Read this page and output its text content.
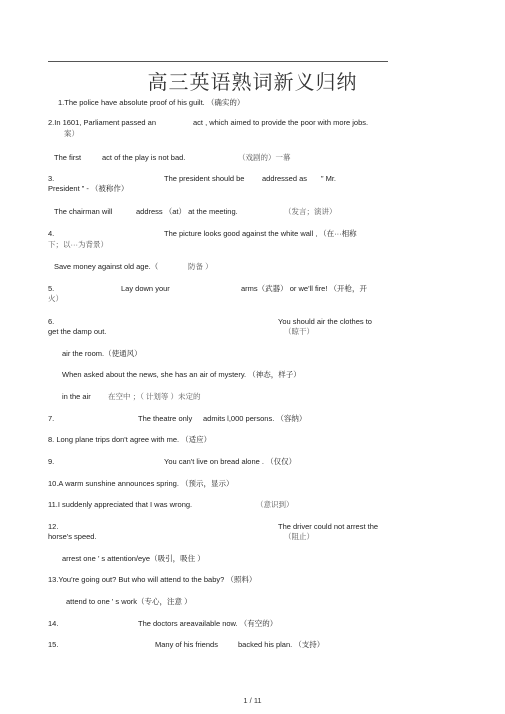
高三英语熟词新义归纳
1.The police have absolute proof of his guilt. （确实的）
2.In 1601, Parliament passed an	act , which aimed to provide the poor with more jobs.
案）
The first	act of the play is not bad.	（戏剧的）一幕
3.	The president should be addressed as ” Mr.
President ” - （被称作）
The chairman will	address （at） at the meeting.	（发言；演讲）
4.	The picture looks good against the white wall ．（在···相称
下；以···为背景）
Save money against old age.（	防备 ）
5.	Lay down your	arms（武器） or we'll fire! （开枪，开
火）
6.	You should air the clothes to
get the damp out.	（晾干）
air the room.（使通风）
When asked about the news, she has an air of mystery. （神态，样子）
in the air 在空中 ；（ 计划等 ）未定的
7.	The theatre only admits l,000 persons. （容纳）
8. Long plane trips don't agree with me. （适应）
9.	You can't live on bread alone . （仅仅）
10.A warm sunshine announces spring. （预示，显示）
11.I suddenly appreciated that I was wrong.	（意识到）
12.	The driver could not arrest the
horse's speed.	（阻止）
arrest one ’ s attention/eye（吸引，吸住 ）
13.You're going out? But who will attend to the baby? （照料）
attend to one ' s work（专心，注意 ）
14.	The doctors areavailable now. （有空的）
15.	Many of his friends	backed his plan. （支持）
1 / 11
